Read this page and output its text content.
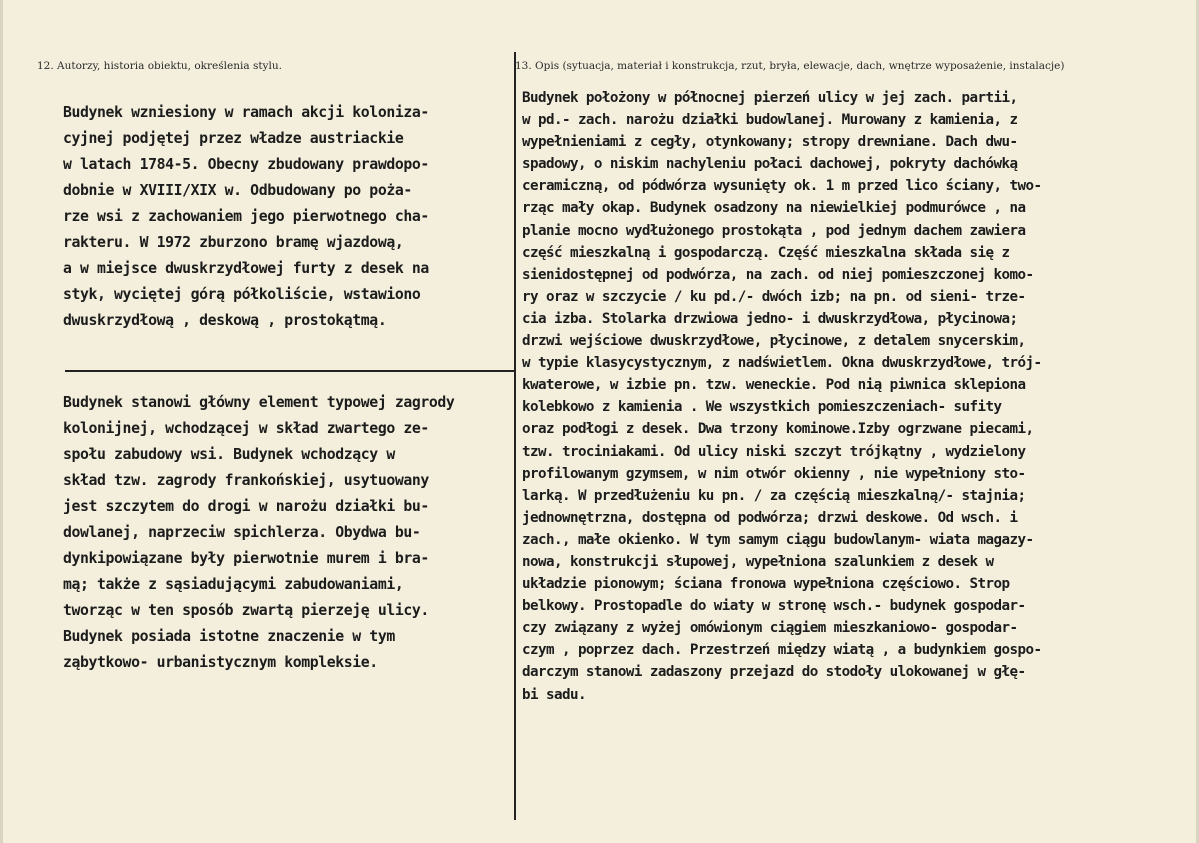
12. Autorzy, historia obiektu, określenia stylu.	13. Opis (sytuacja, materiał i konstrukcja, rzut, bryła, elewacje, dach, wnętrze wyposażenie, instalacje)
Budynek wzniesiony w ramach akcji koloniza-
cyjnej podjętej przez władze austriackie
w latach 1784-5. Obecny zbudowany prawdopo-
dobnie w XVIII/XIX w. Odbudowany po poża-
rze wsi z zachowaniem jego pierwotnego cha-
rakteru. W 1972 zburzono bramę wjazdową,
a w miejsce dwuskrzydłowej furty z desek na
styk, wyciętej górą półkoliście, wstawiono
dwuskrzydłową , deskową , prostokątmą.
Budynek stanowi główny element typowej zagrody
kolonijnej, wchodzącej w skład zwartego ze-
społu zabudowy wsi. Budynek wchodzący w
skład tzw. zagrody frankońskiej, usytuowany
jest szczytem do drogi w narożu działki bu-
dowlanej, naprzeciw spichlerza. Obydwa bu-
dynkipowiązane były pierwotnie murem i bra-
mą; także z sąsiadującymi zabudowaniami,
tworząc w ten sposób zwartą pierzeję ulicy.
Budynek posiada istotne znaczenie w tym
ząbytkowo- urbanistycznym kompleksie.
Budynek położony w północnej pierzeń ulicy w jej zach. partii,
w pd.- zach. narożu działki budowlanej. Murowany z kamienia, z
wypełnieniami z cegły, otynkowany; stropy drewniane. Dach dwu-
spadowy, o niskim nachyleniu połaci dachowej, pokryty dachówką
ceramiczną, od pódwórza wysunięty ok. 1 m przed lico ściany, two-
rząc mały okap. Budynek osadzony na niewielkiej podmurówce , na
planie mocno wydłużonego prostokąta , pod jednym dachem zawiera
część mieszkalną i gospodarczą. Część mieszkalna składa się z
sienidostępnej od podwórza, na zach. od niej pomieszczonej komo-
ry oraz w szczycie / ku pd./- dwóch izb; na pn. od sieni- trze-
cia izba. Stolarka drzwiowa jedno- i dwuskrzydłowa, płycinowa;
drzwi wejściowe dwuskrzydłowe, płycinowe, z detalem snycerskim,
w typie klasycystycznym, z nadświetlem. Okna dwuskrzydłowe, trój-
kwaterowe, w izbie pn. tzw. weneckie. Pod nią piwnica sklepiona
kolebkowo z kamienia . We wszystkich pomieszczeniach- sufity
oraz podłogi z desek. Dwa trzony kominowe.Izby ogrzwane piecami,
tzw. trociniakami. Od ulicy niski szczyt trójkątny , wydzielony
profilowanym gzymsem, w nim otwór okienny , nie wypełniony sto-
larką. W przedłużeniu ku pn. / za częścią mieszkalną/- stajnia;
jednownętrzna, dostępna od podwórza; drzwi deskowe. Od wsch. i
zach., małe okienko. W tym samym ciągu budowlanym- wiata magazy-
nowa, konstrukcji słupowej, wypełniona szalunkiem z desek w
układzie pionowym; ściana fronowa wypełniona częściowo. Strop
belkowy. Prostopadle do wiaty w stronę wsch.- budynek gospodar-
czy związany z wyżej omówionym ciągiem mieszkaniowo- gospodar-
czym , poprzez dach. Przestrzeń między wiatą , a budynkiem gospo-
darczym stanowi zadaszony przejazd do stodoły ulokowanej w głę-
bi sadu.
